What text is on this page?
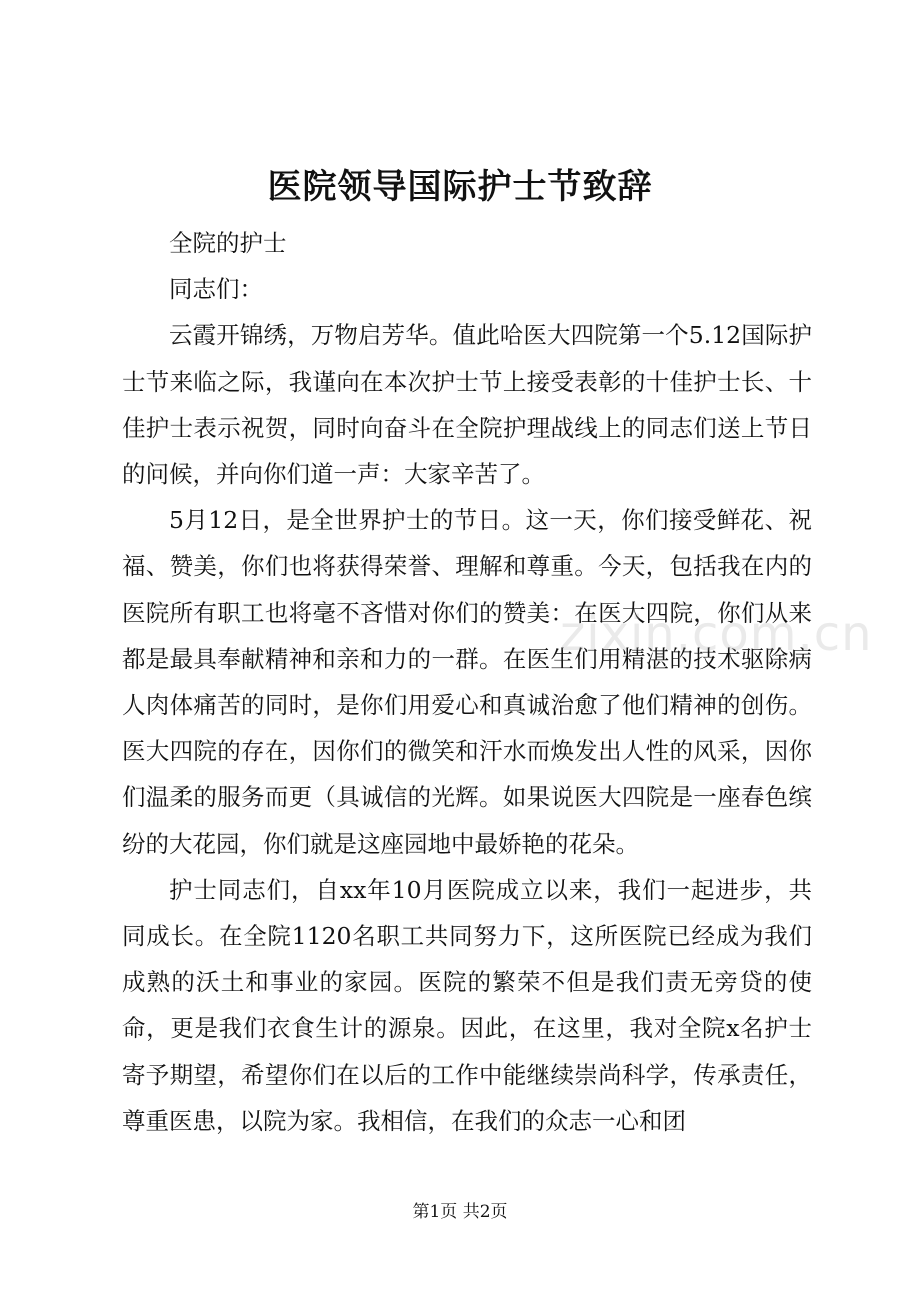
医院领导国际护士节致辞

全院的护士

同志们：

云霞开锦绣，万物启芳华。值此哈医大四院第一个5.12国际护士节来临之际，我谨向在本次护士节上接受表彰的十佳护士长、十佳护士表示祝贺，同时向奋斗在全院护理战线上的同志们送上节日的问候，并向你们道一声：大家辛苦了。

5月12日，是全世界护士的节日。这一天，你们接受鲜花、祝福、赞美，你们也将获得荣誉、理解和尊重。今天，包括我在内的医院所有职工也将毫不吝惜对你们的赞美：在医大四院，你们从来都是最具奉献精神和亲和力的一群。在医生们用精湛的技术驱除病人肉体痛苦的同时，是你们用爱心和真诚治愈了他们精神的创伤。医大四院的存在，因你们的微笑和汗水而焕发出人性的风采，因你们温柔的服务而更（具诚信的光辉。如果说医大四院是一座春色缤纷的大花园，你们就是这座园地中最娇艳的花朵。

护士同志们，自xx年10月医院成立以来，我们一起进步，共同成长。在全院1120名职工共同努力下，这所医院已经成为我们成熟的沃土和事业的家园。医院的繁荣不但是我们责无旁贷的使命，更是我们衣食生计的源泉。因此，在这里，我对全院x名护士寄予期望，希望你们在以后的工作中能继续崇尚科学，传承责任，尊重医患，以院为家。我相信，在我们的众志一心和团

zixin.com.cn
第1页 共2页
